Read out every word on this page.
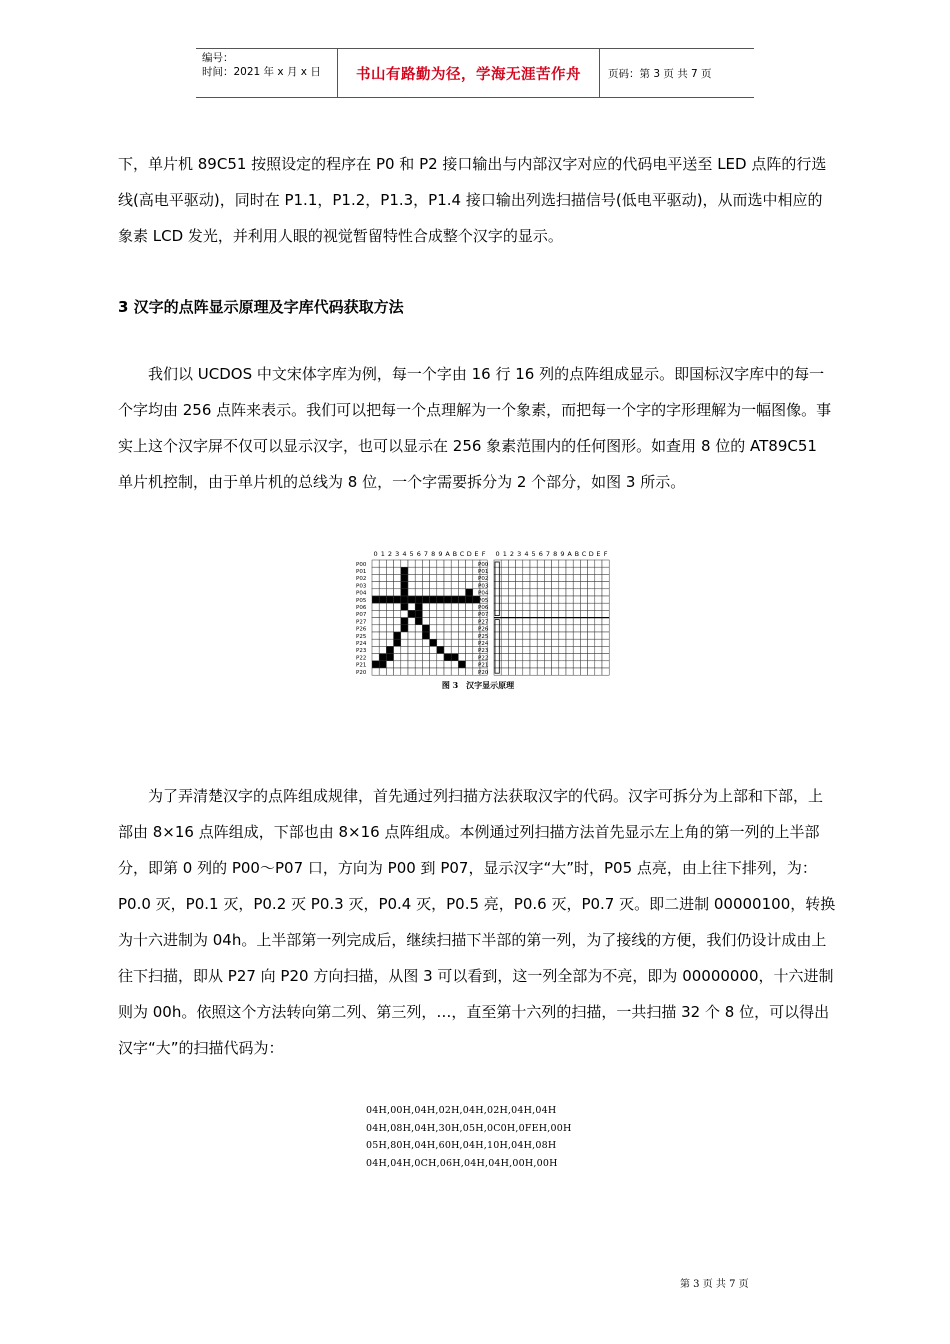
编号：
时间：2021 年 x 月 x 日	书山有路勤为径，学海无涯苦作舟	页码：第 3 页 共 7 页

下，单片机 89C51 按照设定的程序在 P0 和 P2 接口输出与内部汉字对应的代码电平送至 LED 点阵的行选线(高电平驱动)，同时在 P1.1，P1.2，P1.3，P1.4 接口输出列选扫描信号(低电平驱动)，从而选中相应的象素 LCD 发光，并利用人眼的视觉暂留特性合成整个汉字的显示。

3 汉字的点阵显示原理及字库代码获取方法

　　我们以 UCDOS 中文宋体字库为例，每一个字由 16 行 16 列的点阵组成显示。即国标汉字库中的每一个字均由 256 点阵来表示。我们可以把每一个点理解为一个象素，而把每一个字的字形理解为一幅图像。事实上这个汉字屏不仅可以显示汉字，也可以显示在 256 象素范围内的任何图形。如查用 8 位的 AT89C51 单片机控制，由于单片机的总线为 8 位，一个字需要拆分为 2 个部分，如图 3 所示。

0 1 2 3 4 5 6 7 8 9 A B C D E F
P00
P01
P02
P03
P04
P05
P06
P07
P27
P26
P25
P24
P23
P22
P21
P20
0 1 2 3 4 5 6 7 8 9 A B C D E F
P00
P01
P02
P03
P04
P05
P06
P07
P27
P26
P25
P24
P23
P22
P21
P20
图 3　汉字显示原理

　　为了弄清楚汉字的点阵组成规律，首先通过列扫描方法获取汉字的代码。汉字可拆分为上部和下部，上部由 8×16 点阵组成，下部也由 8×16 点阵组成。本例通过列扫描方法首先显示左上角的第一列的上半部分，即第 0 列的 P00～P07 口，方向为 P00 到 P07，显示汉字“大”时，P05 点亮，由上往下排列，为：P0.0 灭，P0.1 灭，P0.2 灭 P0.3 灭，P0.4 灭，P0.5 亮，P0.6 灭，P0.7 灭。即二进制 00000100，转换为十六进制为 04h。上半部第一列完成后，继续扫描下半部的第一列，为了接线的方便，我们仍设计成由上往下扫描，即从 P27 向 P20 方向扫描，从图 3 可以看到，这一列全部为不亮，即为 00000000，十六进制则为 00h。依照这个方法转向第二列、第三列，…，直至第十六列的扫描，一共扫描 32 个 8 位，可以得出汉字“大”的扫描代码为：

04H,00H,04H,02H,04H,02H,04H,04H
04H,08H,04H,30H,05H,0C0H,0FEH,00H
05H,80H,04H,60H,04H,10H,04H,08H
04H,04H,0CH,06H,04H,04H,00H,00H
第 3 页 共 7 页
